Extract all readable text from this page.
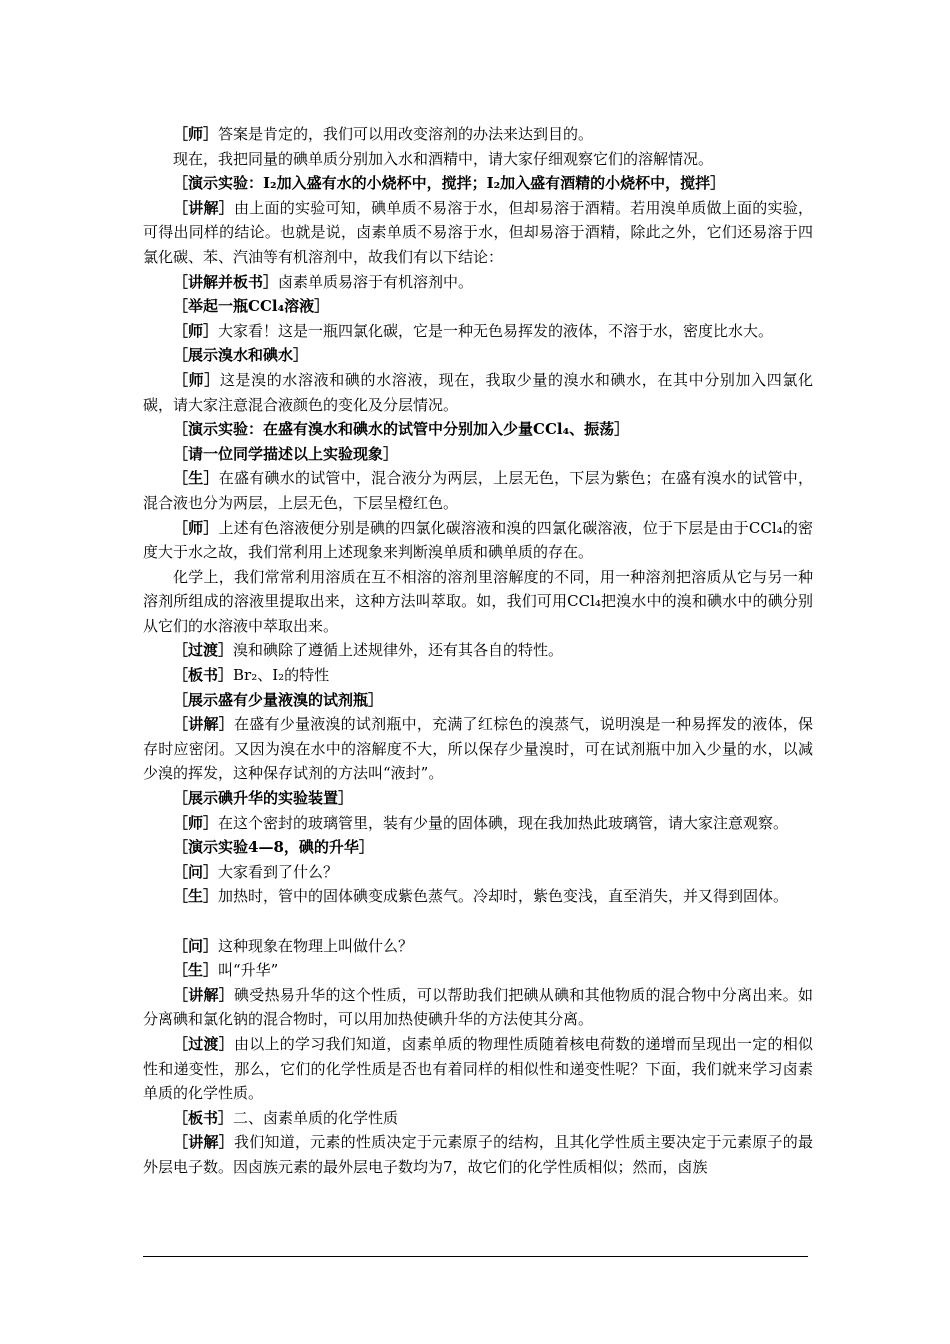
［师］答案是肯定的，我们可以用改变溶剂的办法来达到目的。

现在，我把同量的碘单质分别加入水和酒精中，请大家仔细观察它们的溶解情况。

［演示实验：I₂加入盛有水的小烧杯中，搅拌；I₂加入盛有酒精的小烧杯中，搅拌］

［讲解］由上面的实验可知，碘单质不易溶于水，但却易溶于酒精。若用溴单质做上面的实验，可得出同样的结论。也就是说，卤素单质不易溶于水，但却易溶于酒精，除此之外，它们还易溶于四氯化碳、苯、汽油等有机溶剂中，故我们有以下结论：

［讲解并板书］卤素单质易溶于有机溶剂中。

［举起一瓶CCl₄溶液］

［师］大家看！这是一瓶四氯化碳，它是一种无色易挥发的液体，不溶于水，密度比水大。

［展示溴水和碘水］

［师］这是溴的水溶液和碘的水溶液，现在，我取少量的溴水和碘水，在其中分别加入四氯化碳，请大家注意混合液颜色的变化及分层情况。

［演示实验：在盛有溴水和碘水的试管中分别加入少量CCl₄、振荡］

［请一位同学描述以上实验现象］

［生］在盛有碘水的试管中，混合液分为两层，上层无色，下层为紫色；在盛有溴水的试管中，混合液也分为两层，上层无色，下层呈橙红色。

［师］上述有色溶液便分别是碘的四氯化碳溶液和溴的四氯化碳溶液，位于下层是由于CCl₄的密度大于水之故，我们常利用上述现象来判断溴单质和碘单质的存在。

化学上，我们常常利用溶质在互不相溶的溶剂里溶解度的不同，用一种溶剂把溶质从它与另一种溶剂所组成的溶液里提取出来，这种方法叫萃取。如，我们可用CCl₄把溴水中的溴和碘水中的碘分别从它们的水溶液中萃取出来。

［过渡］溴和碘除了遵循上述规律外，还有其各自的特性。

［板书］Br₂、I₂的特性

［展示盛有少量液溴的试剂瓶］

［讲解］在盛有少量液溴的试剂瓶中，充满了红棕色的溴蒸气，说明溴是一种易挥发的液体，保存时应密闭。又因为溴在水中的溶解度不大，所以保存少量溴时，可在试剂瓶中加入少量的水，以减少溴的挥发，这种保存试剂的方法叫“液封”。

［展示碘升华的实验装置］

［师］在这个密封的玻璃管里，装有少量的固体碘，现在我加热此玻璃管，请大家注意观察。

［演示实验4—8，碘的升华］

［问］大家看到了什么？

［生］加热时，管中的固体碘变成紫色蒸气。冷却时，紫色变浅，直至消失，并又得到固体。

［问］这种现象在物理上叫做什么？

［生］叫“升华”

［讲解］碘受热易升华的这个性质，可以帮助我们把碘从碘和其他物质的混合物中分离出来。如分离碘和氯化钠的混合物时，可以用加热使碘升华的方法使其分离。

［过渡］由以上的学习我们知道，卤素单质的物理性质随着核电荷数的递增而呈现出一定的相似性和递变性，那么，它们的化学性质是否也有着同样的相似性和递变性呢？下面，我们就来学习卤素单质的化学性质。

［板书］二、卤素单质的化学性质

［讲解］我们知道，元素的性质决定于元素原子的结构，且其化学性质主要决定于元素原子的最外层电子数。因卤族元素的最外层电子数均为7，故它们的化学性质相似；然而，卤族
